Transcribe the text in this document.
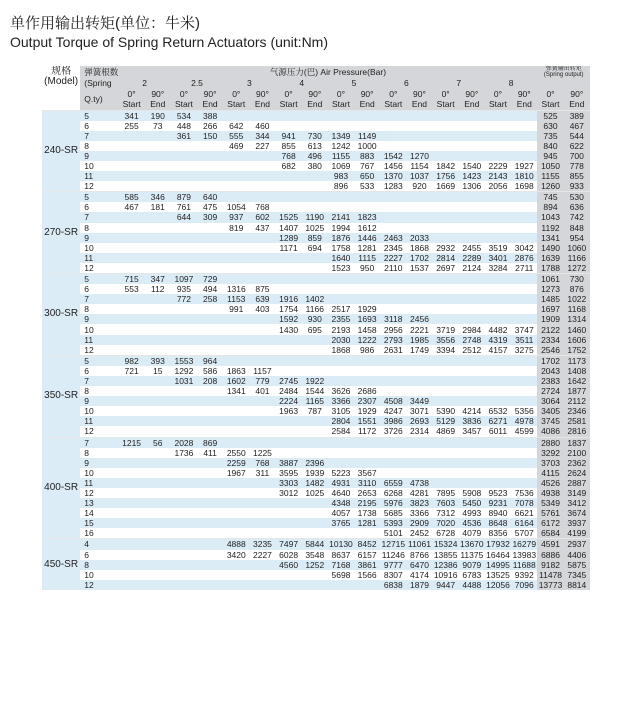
单作用输出转矩(单位：牛米)
Output Torque of Spring Return Actuators (unit:Nm)
规格
(Model)	弹簧根数	气源压力(巴) Air Pressure(Bar)																弹簧输出转矩
(Spring output)	

	(Spring	2		2.5		3		4		5		6		7		8			
	Q.ty)	0°	90°	0°	90°	0°	90°	0°	90°	0°	90°	0°	90°	0°	90°	0°	90°	0°	90°
		Start	End	Start	End	Start	End	Start	End	Start	End	Start	End	Start	End	Start	End	Start	End
240-SR	5	341	190	534	388													525	389
	6	255	73	448	266	642	460											630	467
	7			361	150	555	344	941	730	1349	1149							735	544
	8					469	227	855	613	1242	1000							840	622
	9							768	496	1155	883	1542	1270					945	700
	10							682	380	1069	767	1456	1154	1842	1540	2229	1927	1050	778
	11									983	650	1370	1037	1756	1423	2143	1810	1155	855
	12									896	533	1283	920	1669	1306	2056	1698	1260	933
270-SR	5	585	346	879	640													745	530
	6	467	181	761	475	1054	768											894	636
	7			644	309	937	602	1525	1190	2141	1823							1043	742
	8					819	437	1407	1025	1994	1612							1192	848
	9							1289	859	1876	1446	2463	2033					1341	954
	10							1171	694	1758	1281	2345	1868	2932	2455	3519	3042	1490	1060
	11									1640	1115	2227	1702	2814	2289	3401	2876	1639	1166
	12									1523	950	2110	1537	2697	2124	3284	2711	1788	1272
300-SR	5	715	347	1097	729													1061	730
	6	553	112	935	494	1316	875											1273	876
	7			772	258	1153	639	1916	1402									1485	1022
	8					991	403	1754	1166	2517	1929							1697	1168
	9							1592	930	2355	1693	3118	2456					1909	1314
	10							1430	695	2193	1458	2956	2221	3719	2984	4482	3747	2122	1460
	11									2030	1222	2793	1985	3556	2748	4319	3511	2334	1606
	12									1868	986	2631	1749	3394	2512	4157	3275	2546	1752
350-SR	5	982	393	1553	964													1702	1173
	6	721	15	1292	586	1863	1157											2043	1408
	7			1031	208	1602	779	2745	1922									2383	1642
	8					1341	401	2484	1544	3626	2686							2724	1877
	9							2224	1165	3366	2307	4508	3449					3064	2112
	10							1963	787	3105	1929	4247	3071	5390	4214	6532	5356	3405	2346
	11									2804	1551	3986	2693	5129	3836	6271	4978	3745	2581
	12									2584	1172	3726	2314	4869	3457	6011	4599	4086	2816
400-SR	7	1215	56	2028	869													2880	1837
	8			1736	411	2550	1225											3292	2100
	9					2259	768	3887	2396									3703	2362
	10					1967	311	3595	1939	5223	3567							4115	2624
	11							3303	1482	4931	3110	6559	4738					4526	2887
	12							3012	1025	4640	2653	6268	4281	7895	5908	9523	7536	4938	3149
	13									4348	2195	5976	3823	7603	5450	9231	7078	5349	3412
	14									4057	1738	5685	3366	7312	4993	8940	6621	5761	3674
	15									3765	1281	5393	2909	7020	4536	8648	6164	6172	3937
	16											5101	2452	6728	4079	8356	5707	6584	4199
450-SR	4					4888	3235	7497	5844	10130	8452	12715	11061	15324	13670	17932	16279	4591	2937
	6					3420	2227	6028	3548	8637	6157	11246	8766	13855	11375	16464	13983	6886	4406
	8							4560	1252	7168	3861	9777	6470	12386	9079	14995	11688	9182	5875
	10									5698	1566	8307	4174	10916	6783	13525	9392	11478	7345
	12											6838	1879	9447	4488	12056	7096	13773	8814
